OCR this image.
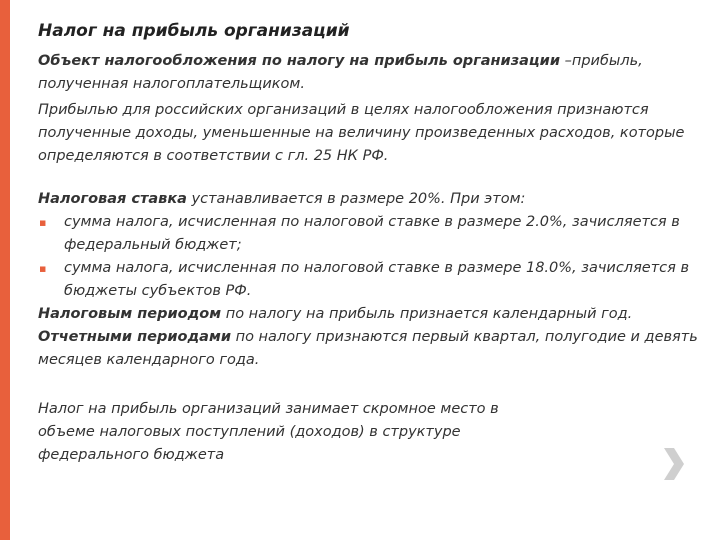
Налог на прибыль организаций

Объект налогообложения по налогу на прибыль организации –прибыль, полученная налогоплательщиком.

Прибылью для российских организаций в целях налогообложения признаются полученные доходы, уменьшенные на величину произведенных расходов, которые определяются в соответствии с гл. 25 НК РФ.

Налоговая ставка устанавливается в размере 20%. При этом:

▪ сумма налога, исчисленная по налоговой ставке в размере 2.0%, зачисляется в федеральный бюджет;

▪ сумма налога, исчисленная по налоговой ставке в размере 18.0%, зачисляется в бюджеты субъектов РФ.

Налоговым периодом по налогу на прибыль признается календарный год.

Отчетными периодами по налогу признаются первый квартал, полугодие и девять месяцев календарного года.

Налог на прибыль организаций занимает скромное место в объеме налоговых поступлений (доходов) в структуре федерального бюджета
